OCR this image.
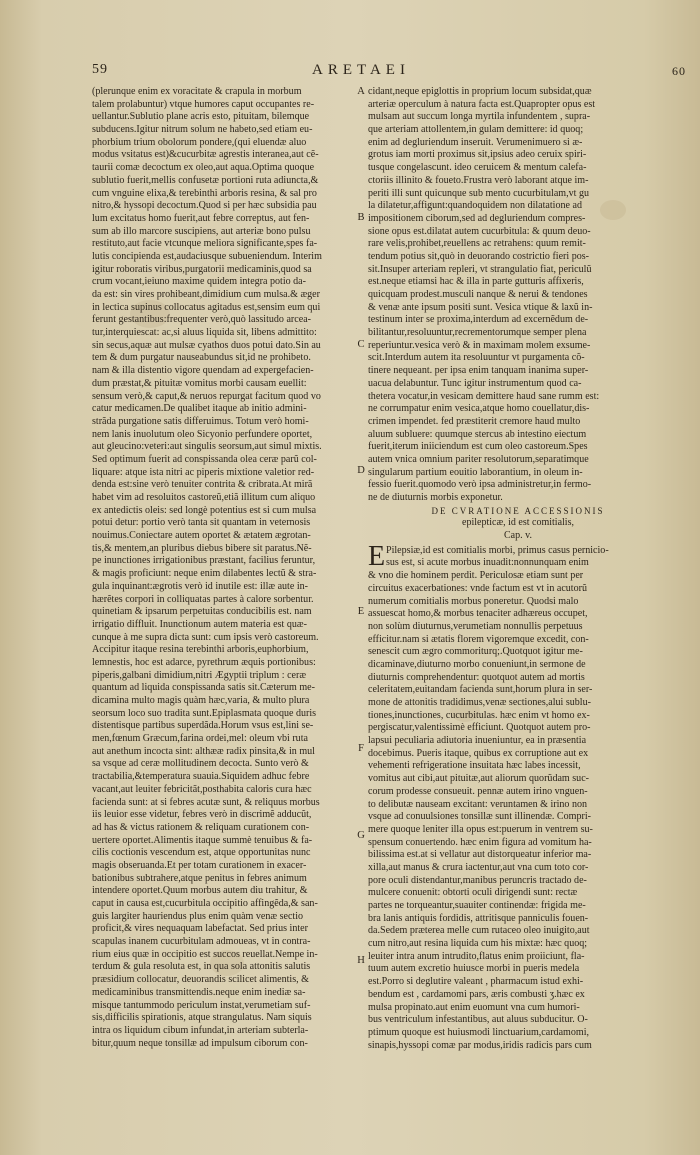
59	ARETAEI	60
(plerunque enim ex voracitate & crapula in morbum
talem prolabuntur) vtque humores caput occupantes re-
uellantur.Sublutio plane acris esto, pituitam, bilemque
subducens.Igitur nitrum solum ne habeto,sed etiam eu-
phorbium trium obolorum pondere,(qui eluendæ aluo
modus vsitatus est)&cucurbitæ agrestis interanea,aut cẽ-
taurii comæ decoctum ex oleo,aut aqua.Optima quoque
sublutio fuerit,mellis confusetæ portioni ruta adiuncta,&
cum vnguine elixa,& terebinthi arboris resina, & sal pro
nitro,& hyssopi decoctum.Quod si per hæc subsidia pau
lum excitatus homo fuerit,aut febre correptus, aut fen-
sum ab illo marcore suscipiens, aut arteriæ bono pulsu
restituto,aut facie vtcunque meliora significante,spes fa-
lutis concipienda est,audaciusque subueniendum. Interim
igitur roboratis viribus,purgatorii medicaminis,quod sa
crum vocant,ieiuno maxime quidem integra potio da-
da est: sin vires prohibeant,dimidium cum mulsa.& æger
in lectica supinus collocatus agitadus est,sensim eum qui
ferunt gestantibus:frequenter verò,quò lassitudo arcea-
tur,interquiescat: ac,si aluus liquida sit, libens admittito:
sin secus,aquæ aut mulsæ cyathos duos potui dato.Sin au
tem & dum purgatur nauseabundus sit,id ne prohibeto.
nam & illa distentio vigore quendam ad expergefacien-
dum præstat,& pituitæ vomitus morbi causam euellit:
sensum verò,& caput,& neruos repurgat facitum quod vo
catur medicamen.De qualibet itaque ab initio admini-
strãda purgatione satis differuimus. Totum verò homi-
nem lanis inuolutum oleo Sicyonio perfundere oportet,
aut gleucino:veteri:aut singulis seorsum,aut simul mixtis.
Sed optimum fuerit ad conspissanda olea ceræ parũ col-
liquare: atque ista nitri ac piperis mixtione valetior red-
denda est:sine verò tenuiter contrita & cribrata.At mirã
habet vim ad resoluitos castoreũ,etiã illitum cum aliquo
ex antedictis oleis: sed longè potentius est si cum mulsa
potui detur: portio verò tanta sit quantam in veternosis
nouimus.Coniectare autem oportet & ætatem ægrotan-
tis,& mentem,an pluribus diebus bibere sit paratus.Nẽ-
pe inunctiones irrigationibus præstant, facilius feruntur,
& magis proficiunt: neque enim dilabentes lectũ & stra-
gula inquinant:ægrotis verò id inutile est: illæ aute in-
hærẽtes corpori in colliquatas partes à calore sorbentur.
quinetiam & ipsarum perpetuitas conducibilis est. nam
irrigatio diffluit. Inunctionum autem materia est quæ-
cunque à me supra dicta sunt: cum ipsis verò castoreum.
Accipitur itaque resina terebinthi arboris,euphorbium,
lemnestis, hoc est adarce, pyrethrum æquis portionibus:
piperis,galbani dimidium,nitri Ægyptii triplum : ceræ
quantum ad liquida conspissanda satis sit.Cæterum me-
dicamina multo magis quàm hæc,varia, & multo plura
seorsum loco suo tradita sunt.Epiplasmata quoque duris
distentisque partibus superdãda.Horum vsus est,lini se-
men,fœnum Græcum,farina ordei,mel: oleum vbi ruta
aut anethum incocta sint: althææ radix pinsita,& in mul
sa vsque ad ceræ mollitudinem decocta. Sunto verò &
tractabilia,&temperatura suauia.Siquidem adhuc febre
vacant,aut leuiter febricitãt,posthabita caloris cura hæc
facienda sunt: at si febres acutæ sunt, & reliquus morbus
iis leuior esse videtur, febres verò in discrimẽ adducũt,
ad has & victus rationem & reliquam curationem con-
uertere oportet.Alimentis itaque summè tenuibus & fa-
cilis coctionis vescendum est, atque opportunitas nunc
magis obseruanda.Et per totam curationem in exacer-
bationibus subtrahere,atque penitus in febres animum
intendere oportet.Quum morbus autem diu trahitur, &
caput in causa est,cucurbitula occipitio affingẽda,& san-
guis largiter hauriendus plus enim quàm venæ sectio
proficit,& vires nequaquam labefactat. Sed prius inter
scapulas inanem cucurbitulam admoueas, vt in contra-
rium eius quæ in occipitio est succos reuellat.Nempe in-
terdum & gula resoluta est, in qua sola attonitis salutis
præsidium collocatur, deuorandis scilicet alimentis, &
medicaminibus transmittendis.neque enim inediæ sa-
misque tantummodo periculum instat,verumetiam suf-
sis,difficilis spirationis, atque strangulatus. Nam siquis
intra os liquidum cibum infundat,in arteriam subterla-
bitur,quum neque tonsillæ ad impulsum ciborum con-
cidant,neque epiglottis in proprium locum subsidat,quæ
arteriæ operculum à natura facta est.Quapropter opus est
mulsam aut succum longa myrtila infundentem , supra-
que arteriam attollentem,in gulam demittere: id quoq;
enim ad degluriendum inseruit. Verumenimuero si æ-
grotus iam morti proximus sit,ipsius adeo ceruix spiri-
tusque congelascunt. ideo ceruicem & mentum calefa-
ctoriis illinito & foueto.Frustra verò laborant atque im-
periti illi sunt quicunque sub mento cucurbitulam,vt gu
la dilatetur,affigunt:quandoquidem non dilatatione ad
impositionem ciborum,sed ad degluriendum compres-
sione opus est.dilatat autem cucurbitula: & quum deuo-
rare velis,prohibet,reuellens ac retrahens: quum remit-
tendum potius sit,quò in deuorando costrictio fieri pos-
sit.Insuper arteriam repleri, vt strangulatio fiat, periculũ
est.neque etiamsi hac & illa in parte gutturis affixeris,
quicquam prodest.musculi nanque & nerui & tendones
& venæ ante ipsum positi sunt. Vesica vtique & laxũ in-
testinum inter se proxima,interdum ad excernẽdum de-
bilitantur,resoluuntur,recrementorumque semper plena
reperiuntur.vesica verò & in maximam molem exsume-
scit.Interdum autem ita resoluuntur vt purgamenta cõ-
tinere nequeant. per ipsa enim tanquam inanima super-
uacua delabuntur. Tunc igitur instrumentum quod ca-
thetera vocatur,in vesicam demittere haud sane rumm est:
ne corrumpatur enim vesica,atque homo couellatur,dis-
crimen impendet. fed præstiterit cremore haud multo
aluum subluere: quumque stercus ab intestino eiectum
fuerit,iterum iniiciendum est cum oleo castoreum.Spes
autem vnica omnium pariter resolutorum,separatimque
singularum partium eouitio laborantium, in oleum in-
fessio fuerit.quomodo verò ipsa administretur,in fermo-
ne de diuturnis morbis exponetur.
DE CVRATIONE ACCESSIONIS
epilepticæ, id est comitialis,
Cap. v.
E Pilepsiæ,id est comitialis morbi, primus casus pernicio-
sus est, si acute morbus inuadit:nonnunquam enim
& vno die hominem perdit. Periculosæ etiam sunt per
circuitus exacerbationes: vnde factum est vt in acutorũ
numerum comitialis morbus poneretur. Quodsi malo
assuescat homo,& morbus tenaciter adhæreus occupet,
non solùm diuturnus,verumetiam nonnullis perpetuus
efficitur.nam si ætatis florem vigoremque excedit, con-
senescit cum ægro commoriturq;.Quotquot igitur me-
dicaminave,diuturno morbo conueniunt,in sermone de
diuturnis comprehendentur: quotquot autem ad mortis
celeritatem,euitandam facienda sunt,horum plura in ser-
mone de attonitis tradidimus,venæ sectiones,alui sublu-
tiones,inunctiones, cucurbitulas. hæc enim vt homo ex-
pergiscatur,valentissimè efficiunt. Quotquot autem pro-
lapsui peculiaria adiutoria inueniuntur, ea in præsentia
docebimus. Pueris itaque, quibus ex corruptione aut ex
vehementi refrigeratione insuitata hæc labes incessit,
vomitus aut cibi,aut pituitæ,aut aliorum quorũdam suc-
corum prodesse consueuit. pennæ autem irino vnguen-
to delibutæ nauseam excitant: veruntamen & irino non
vsque ad conuulsiones tonsillæ sunt illinendæ. Compri-
mere quoque leniter illa opus est:puerum in ventrem su-
spensum conuertendo. hæc enim figura ad vomitum ha-
bilissima est.at si vellatur aut distorqueatur inferior ma-
xilla,aut manus & crura iactentur,aut vna cum toto cor-
pore oculi distendantur,manibus peruncris tractado de-
mulcere conuenit: obtorti oculi dirigendi sunt: rectæ
partes ne torqueantur,suauiter continendæ: frigida me-
bra lanis antiquis fordidis, attritisque panniculis fouen-
da.Sedem præterea melle cum rutaceo oleo inuigito,aut
cum nitro,aut resina liquida cum his mixtæ: hæc quoq;
leuiter intra anum intrudito,flatus enim proiiciunt, fla-
tuum autem excretio huiusce morbi in pueris medela
est.Porro si deglutire valeant , pharmacum istud exhi-
bendum est , cardamomi pars, æris combusti ʒ.hæc ex
mulsa propinato.aut enim euomunt vna cum humori-
bus ventriculum infestantibus, aut aluus subducitur. O-
ptimum quoque est huiusmodi linctuarium,cardamomi,
sinapis,hyssopi comæ par modus,iridis radicis pars cum
A
B
C
D
E
F
G
H
